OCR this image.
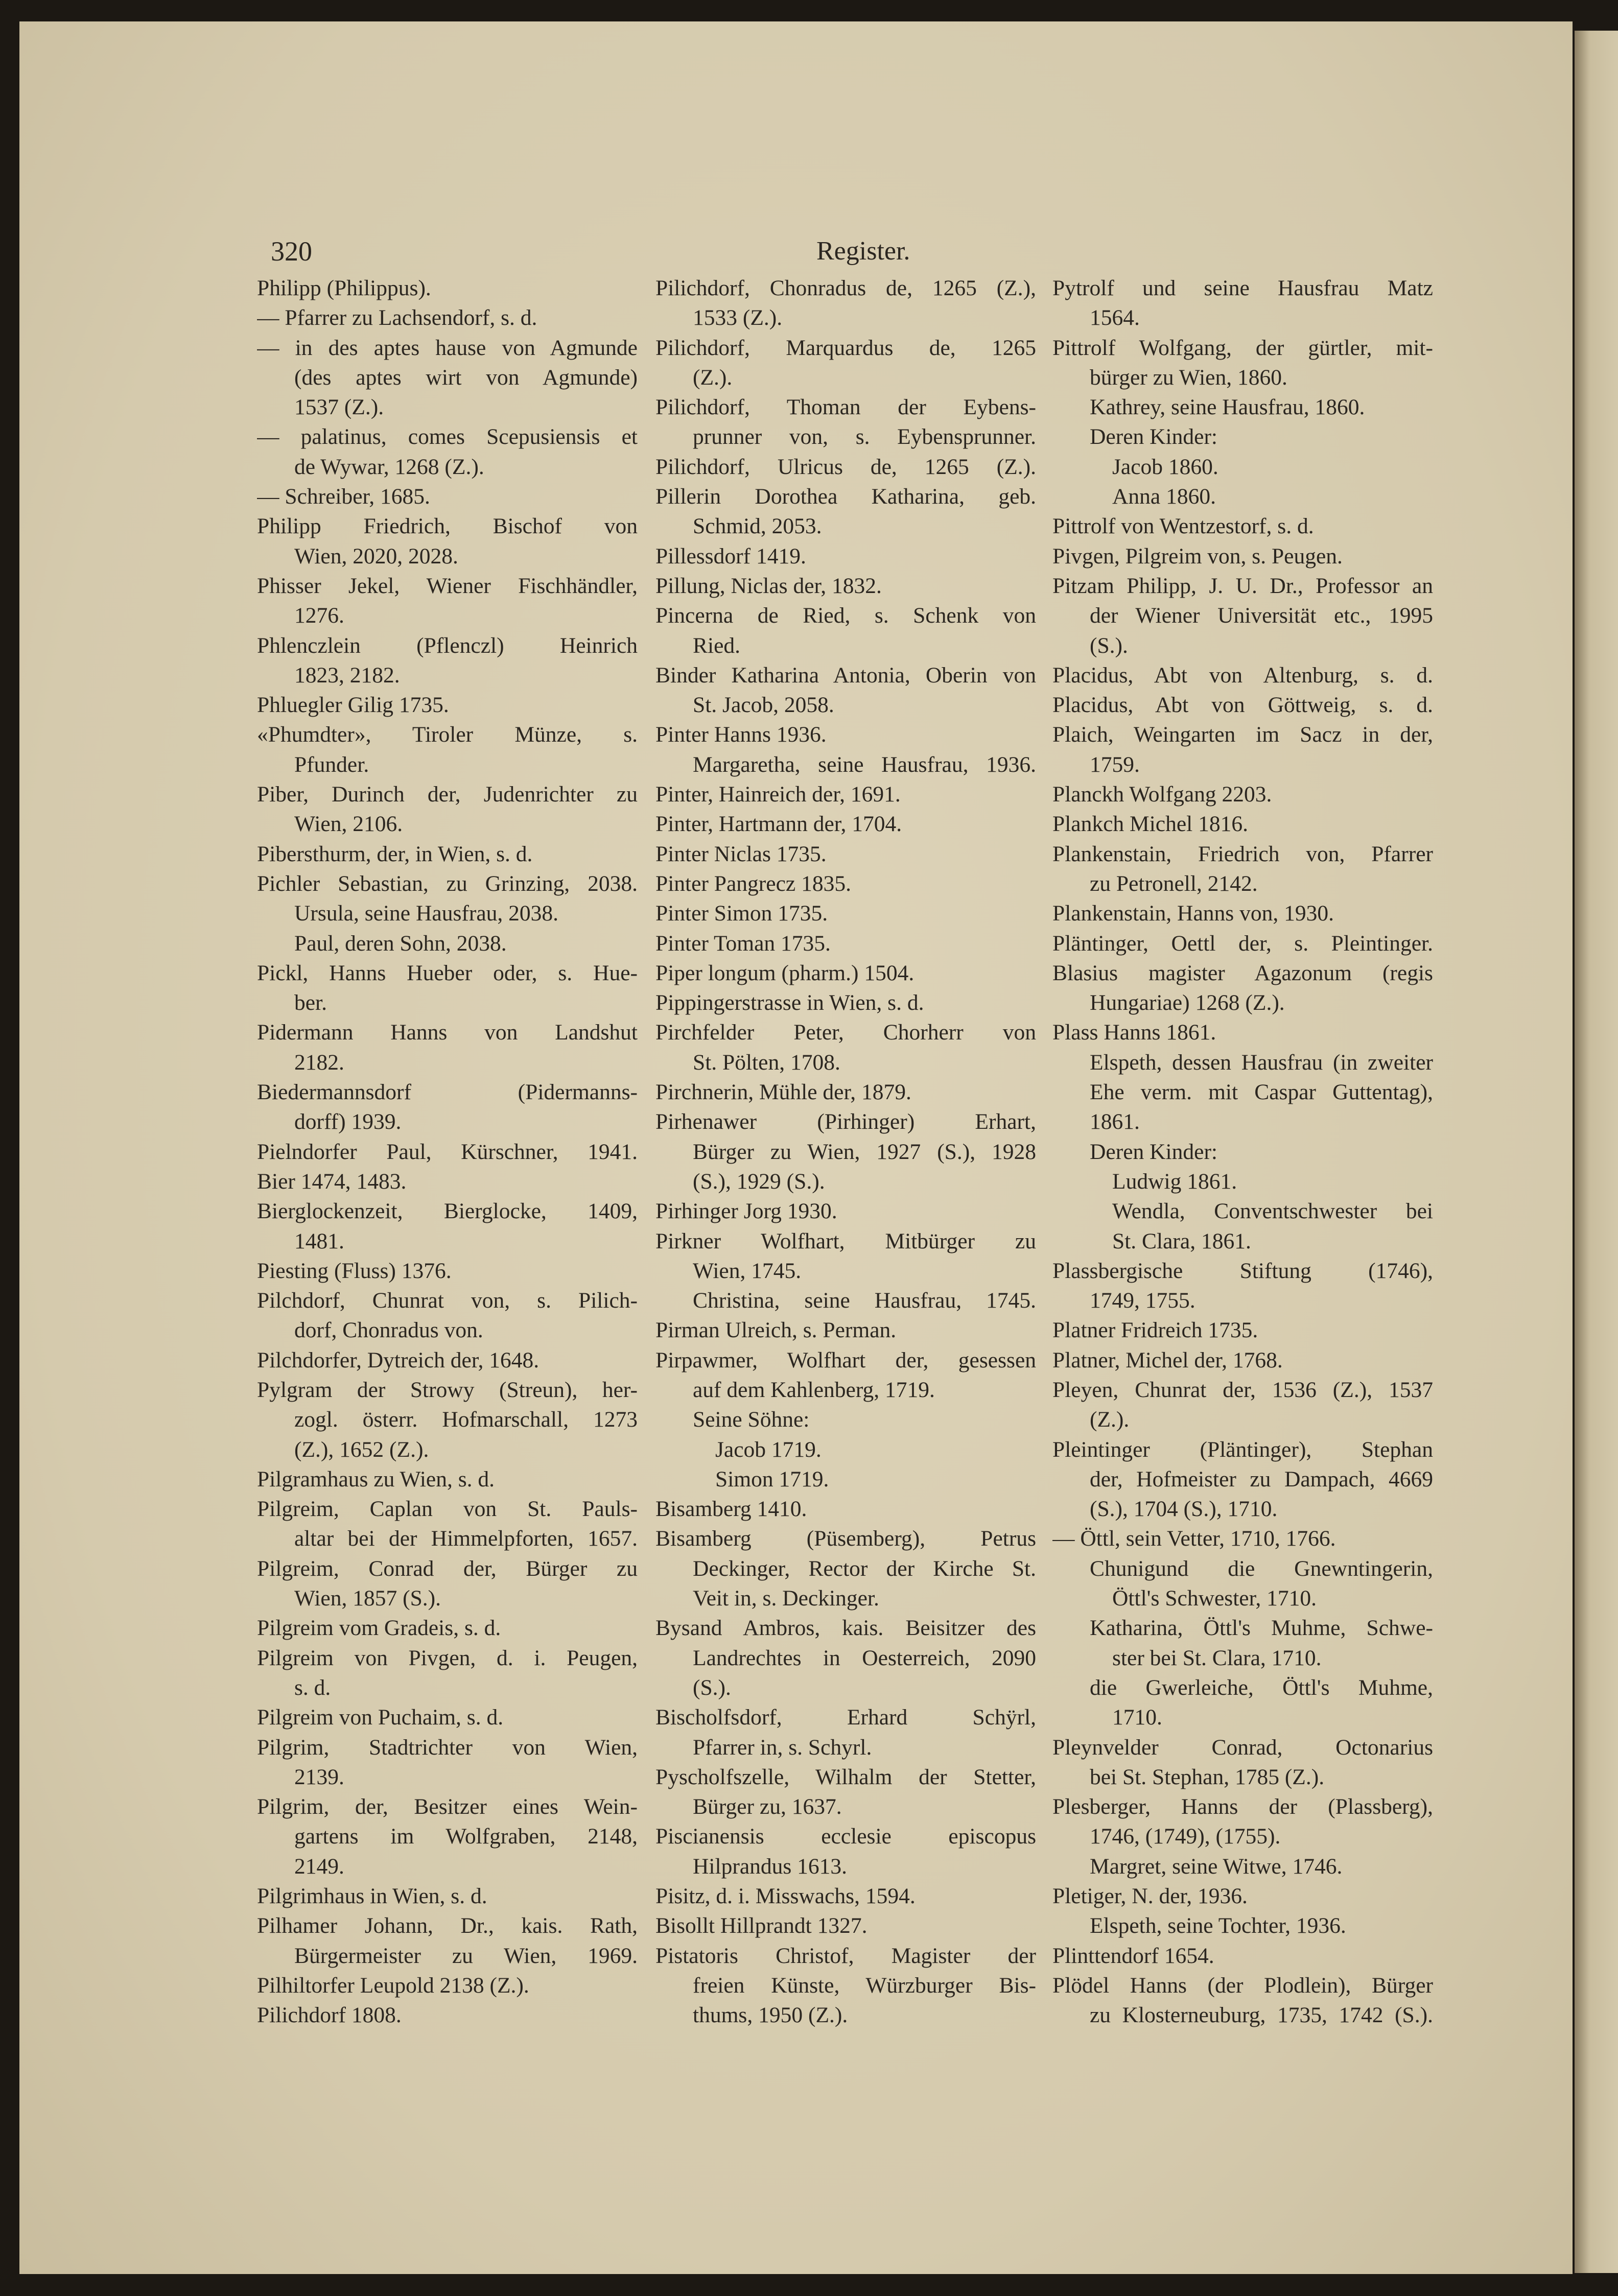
320	Register.
Philipp (Philippus).
— Pfarrer zu Lachsendorf, s. d.
— in des aptes hause von Agmunde
(des aptes wirt von Agmunde)
1537 (Z.).
— palatinus, comes Scepusiensis et
de Wywar, 1268 (Z.).
— Schreiber, 1685.
Philipp Friedrich, Bischof von
Wien, 2020, 2028.
Phisser Jekel, Wiener Fischhändler,
1276.
Phlenczlein (Pflenczl) Heinrich
1823, 2182.
Phluegler Gilig 1735.
«Phumdter», Tiroler Münze, s.
Pfunder.
Piber, Durinch der, Judenrichter zu
Wien, 2106.
Pibersthurm, der, in Wien, s. d.
Pichler Sebastian, zu Grinzing, 2038.
Ursula, seine Hausfrau, 2038.
Paul, deren Sohn, 2038.
Pickl, Hanns Hueber oder, s. Hue-
ber.
Pidermann Hanns von Landshut
2182.
Biedermannsdorf (Pidermanns-
dorff) 1939.
Pielndorfer Paul, Kürschner, 1941.
Bier 1474, 1483.
Bierglockenzeit, Bierglocke, 1409,
1481.
Piesting (Fluss) 1376.
Pilchdorf, Chunrat von, s. Pilich-
dorf, Chonradus von.
Pilchdorfer, Dytreich der, 1648.
Pylgram der Strowy (Streun), her-
zogl. österr. Hofmarschall, 1273
(Z.), 1652 (Z.).
Pilgramhaus zu Wien, s. d.
Pilgreim, Caplan von St. Pauls-
altar bei der Himmelpforten, 1657.
Pilgreim, Conrad der, Bürger zu
Wien, 1857 (S.).
Pilgreim vom Gradeis, s. d.
Pilgreim von Pivgen, d. i. Peugen,
s. d.
Pilgreim von Puchaim, s. d.
Pilgrim, Stadtrichter von Wien,
2139.
Pilgrim, der, Besitzer eines Wein-
gartens im Wolfgraben, 2148,
2149.
Pilgrimhaus in Wien, s. d.
Pilhamer Johann, Dr., kais. Rath,
Bürgermeister zu Wien, 1969.
Pilhiltorfer Leupold 2138 (Z.).
Pilichdorf 1808.
Pilichdorf, Chonradus de, 1265 (Z.),
1533 (Z.).
Pilichdorf, Marquardus de, 1265
(Z.).
Pilichdorf, Thoman der Eybens-
prunner von, s. Eybensprunner.
Pilichdorf, Ulricus de, 1265 (Z.).
Pillerin Dorothea Katharina, geb.
Schmid, 2053.
Pillessdorf 1419.
Pillung, Niclas der, 1832.
Pincerna de Ried, s. Schenk von
Ried.
Binder Katharina Antonia, Oberin von
St. Jacob, 2058.
Pinter Hanns 1936.
Margaretha, seine Hausfrau, 1936.
Pinter, Hainreich der, 1691.
Pinter, Hartmann der, 1704.
Pinter Niclas 1735.
Pinter Pangrecz 1835.
Pinter Simon 1735.
Pinter Toman 1735.
Piper longum (pharm.) 1504.
Pippingerstrasse in Wien, s. d.
Pirchfelder Peter, Chorherr von
St. Pölten, 1708.
Pirchnerin, Mühle der, 1879.
Pirhenawer (Pirhinger) Erhart,
Bürger zu Wien, 1927 (S.), 1928
(S.), 1929 (S.).
Pirhinger Jorg 1930.
Pirkner Wolfhart, Mitbürger zu
Wien, 1745.
Christina, seine Hausfrau, 1745.
Pirman Ulreich, s. Perman.
Pirpawmer, Wolfhart der, gesessen
auf dem Kahlenberg, 1719.
Seine Söhne:
Jacob 1719.
Simon 1719.
Bisamberg 1410.
Bisamberg (Püsemberg), Petrus
Deckinger, Rector der Kirche St.
Veit in, s. Deckinger.
Bysand Ambros, kais. Beisitzer des
Landrechtes in Oesterreich, 2090
(S.).
Bischolfsdorf, Erhard Schÿrl,
Pfarrer in, s. Schyrl.
Pyscholfszelle, Wilhalm der Stetter,
Bürger zu, 1637.
Piscianensis ecclesie episcopus
Hilprandus 1613.
Pisitz, d. i. Misswachs, 1594.
Bisollt Hillprandt 1327.
Pistatoris Christof, Magister der
freien Künste, Würzburger Bis-
thums, 1950 (Z.).
Pytrolf und seine Hausfrau Matz
1564.
Pittrolf Wolfgang, der gürtler, mit-
bürger zu Wien, 1860.
Kathrey, seine Hausfrau, 1860.
Deren Kinder:
Jacob 1860.
Anna 1860.
Pittrolf von Wentzestorf, s. d.
Pivgen, Pilgreim von, s. Peugen.
Pitzam Philipp, J. U. Dr., Professor an
der Wiener Universität etc., 1995
(S.).
Placidus, Abt von Altenburg, s. d.
Placidus, Abt von Göttweig, s. d.
Plaich, Weingarten im Sacz in der,
1759.
Planckh Wolfgang 2203.
Plankch Michel 1816.
Plankenstain, Friedrich von, Pfarrer
zu Petronell, 2142.
Plankenstain, Hanns von, 1930.
Pläntinger, Oettl der, s. Pleintinger.
Blasius magister Agazonum (regis
Hungariae) 1268 (Z.).
Plass Hanns 1861.
Elspeth, dessen Hausfrau (in zweiter
Ehe verm. mit Caspar Guttentag),
1861.
Deren Kinder:
Ludwig 1861.
Wendla, Conventschwester bei
St. Clara, 1861.
Plassbergische Stiftung (1746),
1749, 1755.
Platner Fridreich 1735.
Platner, Michel der, 1768.
Pleyen, Chunrat der, 1536 (Z.), 1537
(Z.).
Pleintinger (Pläntinger), Stephan
der, Hofmeister zu Dampach, 4669
(S.), 1704 (S.), 1710.
— Öttl, sein Vetter, 1710, 1766.
Chunigund die Gnewntingerin,
Öttl's Schwester, 1710.
Katharina, Öttl's Muhme, Schwe-
ster bei St. Clara, 1710.
die Gwerleiche, Öttl's Muhme,
1710.
Pleynvelder Conrad, Octonarius
bei St. Stephan, 1785 (Z.).
Plesberger, Hanns der (Plassberg),
1746, (1749), (1755).
Margret, seine Witwe, 1746.
Pletiger, N. der, 1936.
Elspeth, seine Tochter, 1936.
Plinttendorf 1654.
Plödel Hanns (der Plodlein), Bürger
zu Klosterneuburg, 1735, 1742 (S.).
